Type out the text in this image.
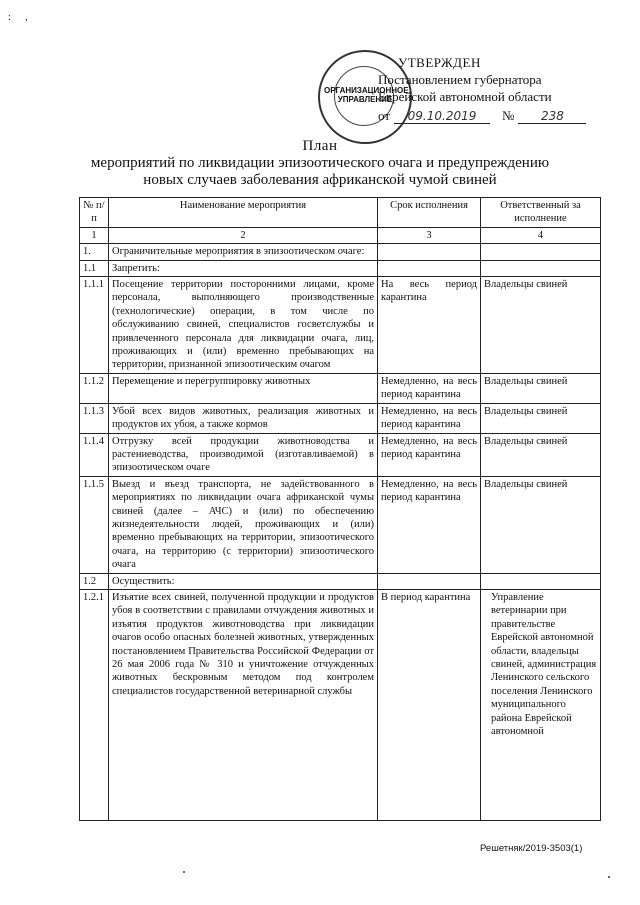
: ,
ОРГАНИЗАЦИОННОЕ УПРАВЛЕНИЕ
УТВЕРЖДЕН
Постановлением губернатора
Еврейской автономной области
от	09.10.2019	№	238
План
мероприятий по ликвидации эпизоотического очага и предупреждению
новых случаев заболевания африканской чумой свиней
№ п/п	Наименование мероприятия	Срок исполнения	Ответственный за исполнение
1	2	3	4
1.	Ограничительные мероприятия в эпизоотическом очаге:		
1.1	Запретить:		
1.1.1	Посещение территории посторонними лицами, кроме персонала, выполняющего производственные (технологические) операции, в том числе по обслуживанию свиней, специалистов госветслужбы и привлеченного персонала для ликвидации очага, лиц, проживающих и (или) временно пребывающих на территории, признанной эпизоотическим очагом	На весь период карантина	Владельцы свиней
1.1.2	Перемещение и перегруппировку животных	Немедленно, на весь период карантина	Владельцы свиней
1.1.3	Убой всех видов животных, реализация животных и продуктов их убоя, а также кормов	Немедленно, на весь период карантина	Владельцы свиней
1.1.4	Отгрузку всей продукции животноводства и растениеводства, производимой (изготавливаемой) в эпизоотическом очаге	Немедленно, на весь период карантина	Владельцы свиней
1.1.5	Выезд и въезд транспорта, не задействованного в мероприятиях по ликвидации очага африканской чумы свиней (далее – АЧС) и (или) по обеспечению жизнедеятельности людей, проживающих и (или) временно пребывающих на территории, эпизоотического очага, на территорию (с территории) эпизоотического очага	Немедленно, на весь период карантина	Владельцы свиней
1.2	Осуществить:		
1.2.1	Изъятие всех свиней, полученной продукции и продуктов убоя в соответствии с правилами отчуждения животных и изъятия продуктов животноводства при ликвидации очагов особо опасных болезней животных, утвержденных постановлением Правительства Российской Федерации от 26 мая 2006 года № 310 и уничтожение отчужденных животных бескровным методом под контролем специалистов государственной ветеринарной службы	В период карантина	Управление ветеринарии при правительстве Еврейской автономной области, владельцы свиней, администрация Ленинского сельского поселения Ленинского муниципального района Еврейской автономной
Решетняк/2019-3503(1)
